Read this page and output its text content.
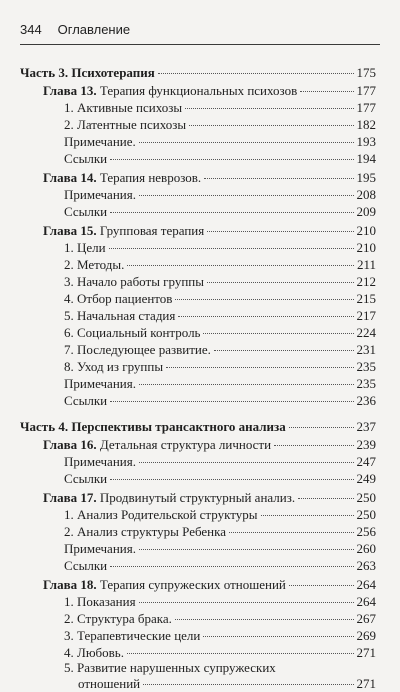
344 Оглавление
Часть 3. Психотерапия	175
Глава 13. Терапия функциональных психозов	177
1. Активные психозы	177
2. Латентные психозы	182
Примечание.	193
Ссылки	194
Глава 14. Терапия неврозов.	195
Примечания.	208
Ссылки	209
Глава 15. Групповая терапия	210
1. Цели	210
2. Методы.	211
3. Начало работы группы	212
4. Отбор пациентов	215
5. Начальная стадия	217
6. Социальный контроль	224
7. Последующее развитие.	231
8. Уход из группы	235
Примечания.	235
Ссылки	236
Часть 4. Перспективы трансактного анализа	237
Глава 16. Детальная структура личности	239
Примечания.	247
Ссылки	249
Глава 17. Продвинутый структурный анализ.	250
1. Анализ Родительской структуры	250
2. Анализ структуры Ребенка	256
Примечания.	260
Ссылки	263
Глава 18. Терапия супружеских отношений	264
1. Показания	264
2. Структура брака.	267
3. Терапевтические цели	269
4. Любовь.	271
5. Развитие нарушенных супружеских
отношений	271
